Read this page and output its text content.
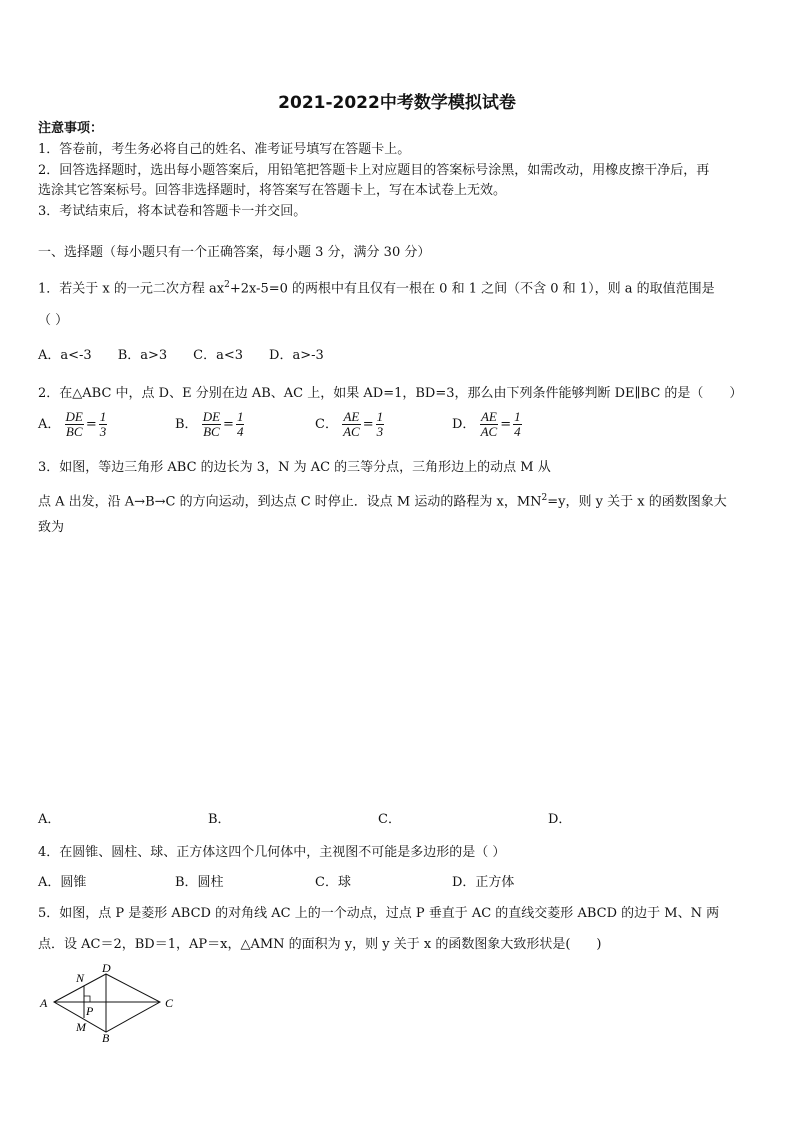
2021-2022中考数学模拟试卷
注意事项：
1．答卷前，考生务必将自己的姓名、准考证号填写在答题卡上。
2．回答选择题时，选出每小题答案后，用铅笔把答题卡上对应题目的答案标号涂黑，如需改动，用橡皮擦干净后，再
选涂其它答案标号。回答非选择题时，将答案写在答题卡上，写在本试卷上无效。
3．考试结束后，将本试卷和答题卡一并交回。
一、选择题（每小题只有一个正确答案，每小题 3 分，满分 30 分）
1．若关于 x 的一元二次方程 $ax^2+2x-5=0$ 的两根中有且仅有一根在 0 和 1 之间（不含 0 和 1），则 a 的取值范围是
（ ）
A．a<-3　　B．a>3　　C．a<3　　D．a>-3
2．在△ABC 中，点 D、E 分别在边 AB、AC 上，如果 AD=1，BD=3，那么由下列条件能够判断 DE∥BC 的是（　　）
A． $\frac{DE}{BC} = \frac{1}{3}$	B． $\frac{DE}{BC} = \frac{1}{4}$	C． $\frac{AE}{AC} = \frac{1}{3}$	D． $\frac{AE}{AC} = \frac{1}{4}$
3．如图，等边三角形 ABC 的边长为 3，N 为 AC 的三等分点，三角形边上的动点 M 从
点 A 出发，沿 A→B→C 的方向运动，到达点 C 时停止．设点 M 运动的路程为 x，$MN^2=y$，则 y 关于 x 的函数图象大
致为
A．	B．	C．	D．
4．在圆锥、圆柱、球、正方体这四个几何体中，主视图不可能是多边形的是（ ）
A．圆锥	B．圆柱	C．球	D．正方体
5．如图，点 P 是菱形 ABCD 的对角线 AC 上的一个动点，过点 P 垂直于 AC 的直线交菱形 ABCD 的边于 M、N 两
点．设 AC＝2，BD＝1，AP＝x，△AMN 的面积为 y，则 y 关于 x 的函数图象大致形状是(　　)
A
B
C
D
M
N
P
